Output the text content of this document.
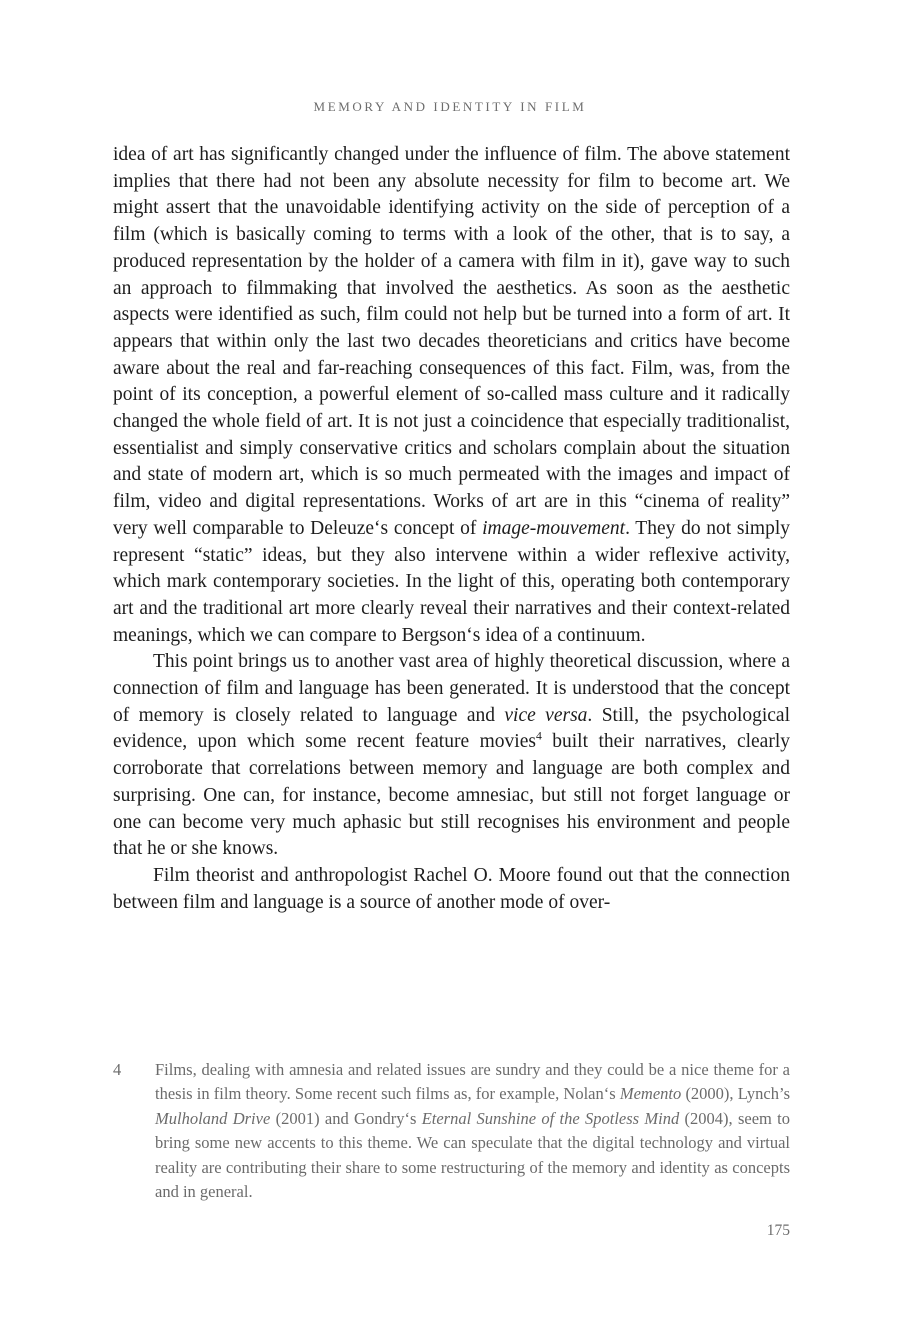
MEMORY AND IDENTITY IN FILM

idea of art has significantly changed under the influence of film. The above statement implies that there had not been any absolute necessity for film to become art. We might assert that the unavoidable identifying activity on the side of perception of a film (which is basically coming to terms with a look of the other, that is to say, a produced representation by the holder of a camera with film in it), gave way to such an approach to filmmaking that involved the aesthetics. As soon as the aesthetic aspects were identified as such, film could not help but be turned into a form of art. It appears that within only the last two decades theoreticians and critics have become aware about the real and far-reaching consequences of this fact. Film, was, from the point of its conception, a powerful element of so-called mass culture and it radically changed the whole field of art. It is not just a coincidence that especially traditionalist, essentialist and simply conservative critics and scholars complain about the situation and state of modern art, which is so much permeated with the images and impact of film, video and digital representations. Works of art are in this “cinema of reality” very well comparable to Deleuze‘s concept of image-mouvement. They do not simply represent “static” ideas, but they also intervene within a wider reflexive activity, which mark contemporary societies. In the light of this, operating both contemporary art and the traditional art more clearly reveal their narratives and their context-related meanings, which we can compare to Bergson‘s idea of a continuum.

This point brings us to another vast area of highly theoretical discussion, where a connection of film and language has been generated. It is understood that the concept of memory is closely related to language and vice versa. Still, the psychological evidence, upon which some recent feature movies$^4$ built their narratives, clearly corroborate that correlations between memory and language are both complex and surprising. One can, for instance, become amnesiac, but still not forget language or one can become very much aphasic but still recognises his environment and people that he or she knows.

Film theorist and anthropologist Rachel O. Moore found out that the connection between film and language is a source of another mode of over-

4	Films, dealing with amnesia and related issues are sundry and they could be a nice theme for a thesis in film theory. Some recent such films as, for example, Nolan‘s Memento (2000), Lynch’s Mulholand Drive (2001) and Gondry‘s Eternal Sunshine of the Spotless Mind (2004), seem to bring some new accents to this theme. We can speculate that the digital technology and virtual reality are contributing their share to some restructuring of the memory and identity as concepts and in general.
175
